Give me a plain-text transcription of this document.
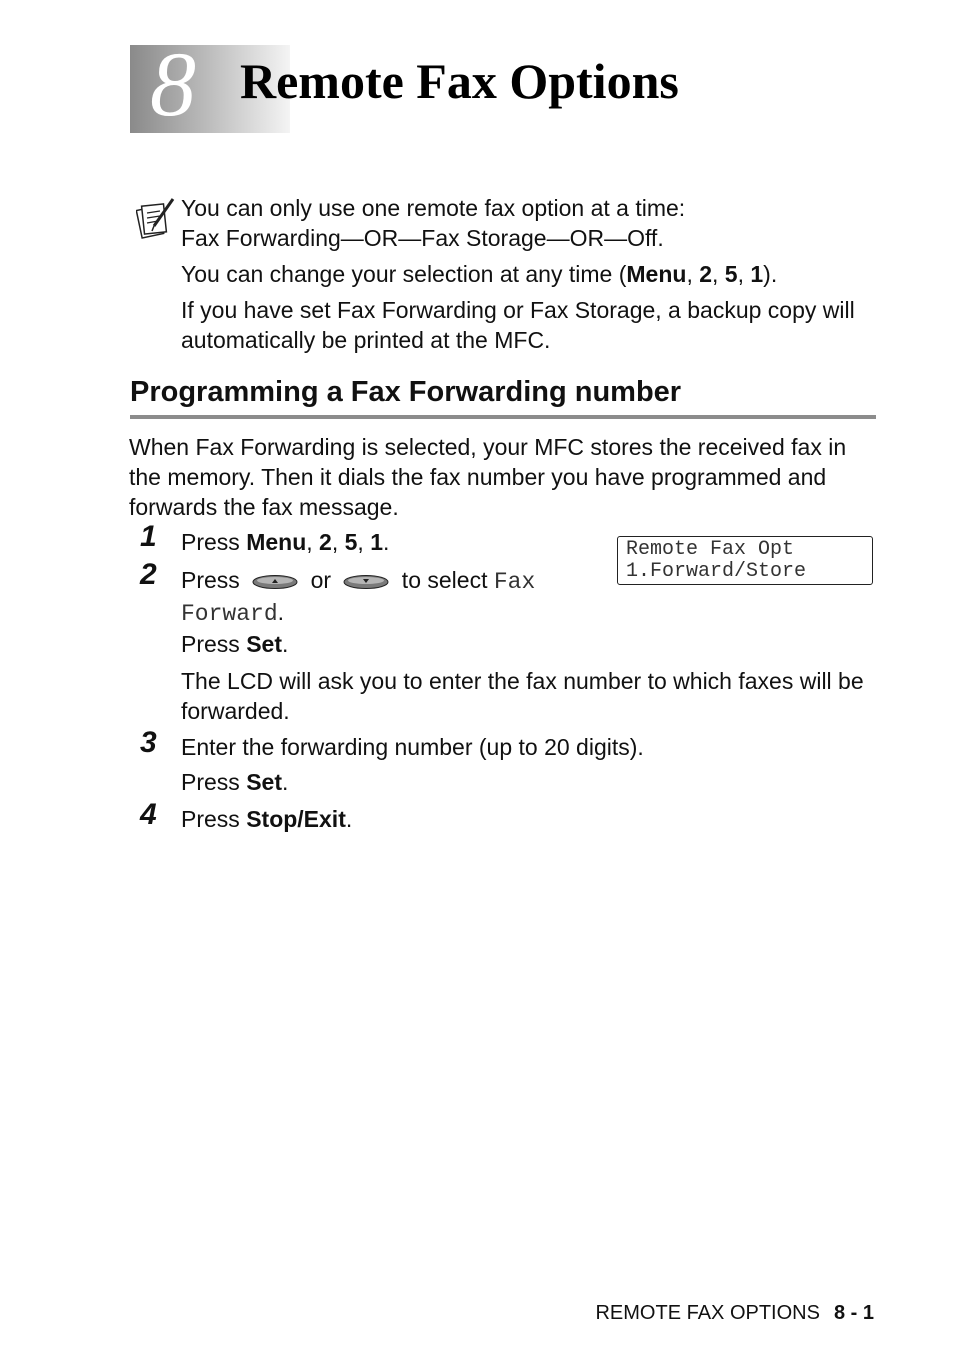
8 Remote Fax Options

You can only use one remote fax option at a time:
Fax Forwarding—OR—Fax Storage—OR—Off.

You can change your selection at any time (Menu, 2, 5, 1).

If you have set Fax Forwarding or Fax Storage, a backup copy will automatically be printed at the MFC.

Programming a Fax Forwarding number

When Fax Forwarding is selected, your MFC stores the received fax in the memory. Then it dials the fax number you have programmed and forwards the fax message.

1 Press Menu, 2, 5, 1.	Remote Fax Opt
1.Forward/Store
2 Press	or	to select Fax
Forward.

Press Set.

The LCD will ask you to enter the fax number to which faxes will be forwarded.

3 Enter the forwarding number (up to 20 digits).

Press Set.

4 Press Stop/Exit.

REMOTE FAX OPTIONS 8 - 1
